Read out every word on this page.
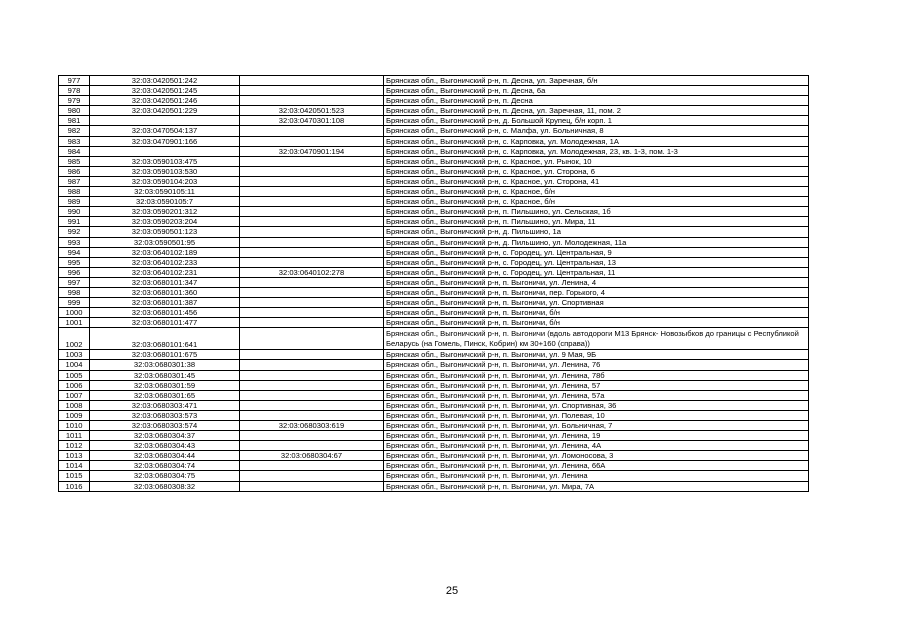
977	32:03:0420501:242		Брянская обл., Выгоничский р-н, п. Десна, ул. Заречная, б/н
978	32:03:0420501:245		Брянская обл., Выгоничский р-н, п. Десна, 6а
979	32:03:0420501:246		Брянская обл., Выгоничский р-н, п. Десна
980	32:03:0420501:229	32:03:0420501:523	Брянская обл., Выгоничский р-н, п. Десна, ул. Заречная, 11, пом. 2
981		32:03:0470301:108	Брянская обл., Выгоничский р-н, д. Большой Крупец, б/н корп. 1
982	32:03:0470504:137		Брянская обл., Выгоничский р-н, с. Малфа, ул. Больничная, 8
983	32:03:0470901:166		Брянская обл., Выгоничский р-н, с. Карповка, ул. Молодежная, 1А
984		32:03:0470901:194	Брянская обл., Выгоничский р-н, с. Карповка, ул. Молодежная, 23, кв. 1-3, пом. 1-3
985	32:03:0590103:475		Брянская обл., Выгоничский р-н, с. Красное, ул. Рынок, 10
986	32:03:0590103:530		Брянская обл., Выгоничский р-н, с. Красное, ул. Сторона, 6
987	32:03:0590104:203		Брянская обл., Выгоничский р-н, с. Красное, ул. Сторона, 41
988	32:03:0590105:11		Брянская обл., Выгоничский р-н, с. Красное, б/н
989	32:03:0590105:7		Брянская обл., Выгоничский р-н, с. Красное, б/н
990	32:03:0590201:312		Брянская обл., Выгоничский р-н, п. Пильшино, ул. Сельская, 1б
991	32:03:0590203:204		Брянская обл., Выгоничский р-н, п. Пильшино, ул. Мира, 11
992	32:03:0590501:123		Брянская обл., Выгоничский р-н, д. Пильшино, 1а
993	32:03:0590501:95		Брянская обл., Выгоничский р-н, д. Пильшино, ул. Молодежная, 11а
994	32:03:0640102:189		Брянская обл., Выгоничский р-н, с. Городец, ул. Центральная, 9
995	32:03:0640102:233		Брянская обл., Выгоничский р-н, с. Городец, ул. Центральная, 13
996	32:03:0640102:231	32:03:0640102:278	Брянская обл., Выгоничский р-н, с. Городец, ул. Центральная, 11
997	32:03:0680101:347		Брянская обл., Выгоничский р-н, п. Выгоничи, ул. Ленина, 4
998	32:03:0680101:360		Брянская обл., Выгоничский р-н, п. Выгоничи, пер. Горького, 4
999	32:03:0680101:387		Брянская обл., Выгоничский р-н, п. Выгоничи, ул. Спортивная
1000	32:03:0680101:456		Брянская обл., Выгоничский р-н, п. Выгоничи, б/н
1001	32:03:0680101:477		Брянская обл., Выгоничский р-н, п. Выгоничи, б/н
1002	32:03:0680101:641		Брянская обл., Выгоничский р-н, п. Выгоничи (вдоль автодороги М13 Брянск- Новозыбков до границы с Республикой Беларусь (на Гомель, Пинск, Кобрин) км 30+160 (справа))
1003	32:03:0680101:675		Брянская обл., Выгоничский р-н, п. Выгоничи, ул. 9 Мая, 9Б
1004	32:03:0680301:38		Брянская обл., Выгоничский р-н, п. Выгоничи, ул. Ленина, 76
1005	32:03:0680301:45		Брянская обл., Выгоничский р-н, п. Выгоничи, ул. Ленина, 78б
1006	32:03:0680301:59		Брянская обл., Выгоничский р-н, п. Выгоничи, ул. Ленина, 57
1007	32:03:0680301:65		Брянская обл., Выгоничский р-н, п. Выгоничи, ул. Ленина, 57а
1008	32:03:0680303:471		Брянская обл., Выгоничский р-н, п. Выгоничи, ул. Спортивная, 36
1009	32:03:0680303:573		Брянская обл., Выгоничский р-н, п. Выгоничи, ул. Полевая, 10
1010	32:03:0680303:574	32:03:0680303:619	Брянская обл., Выгоничский р-н, п. Выгоничи, ул. Больничная, 7
1011	32:03:0680304:37		Брянская обл., Выгоничский р-н, п. Выгоничи, ул. Ленина, 19
1012	32:03:0680304:43		Брянская обл., Выгоничский р-н, п. Выгоничи, ул. Ленина, 4А
1013	32:03:0680304:44	32:03:0680304:67	Брянская обл., Выгоничский р-н, п. Выгоничи, ул. Ломоносова, 3
1014	32:03:0680304:74		Брянская обл., Выгоничский р-н, п. Выгоничи, ул. Ленина, 66А
1015	32:03:0680304:75		Брянская обл., Выгоничский р-н, п. Выгоничи, ул. Ленина
1016	32:03:0680308:32		Брянская обл., Выгоничский р-н, п. Выгоничи, ул. Мира, 7А
25
